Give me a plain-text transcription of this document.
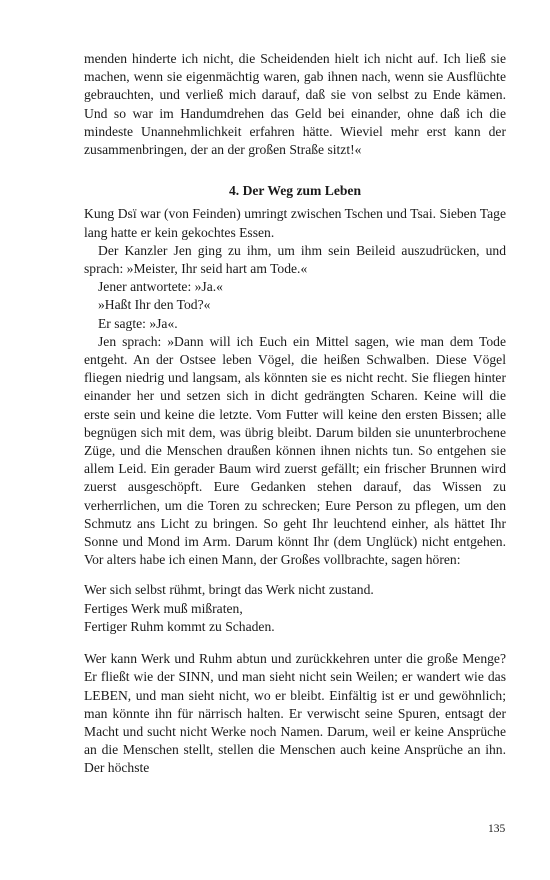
menden hinderte ich nicht, die Scheidenden hielt ich nicht auf. Ich ließ sie machen, wenn sie eigenmächtig waren, gab ihnen nach, wenn sie Ausflüchte gebrauchten, und verließ mich darauf, daß sie von selbst zu Ende kämen. Und so war im Handumdrehen das Geld bei einander, ohne daß ich die mindeste Unannehmlichkeit erfahren hätte. Wieviel mehr erst kann der zusammenbringen, der an der großen Straße sitzt!«

4. Der Weg zum Leben

Kung Dsï war (von Feinden) umringt zwischen Tschen und Tsai. Sieben Tage lang hatte er kein gekochtes Essen.

Der Kanzler Jen ging zu ihm, um ihm sein Beileid auszudrücken, und sprach: »Meister, Ihr seid hart am Tode.«

Jener antwortete: »Ja.«

»Haßt Ihr den Tod?«

Er sagte: »Ja«.

Jen sprach: »Dann will ich Euch ein Mittel sagen, wie man dem Tode entgeht. An der Ostsee leben Vögel, die heißen Schwalben. Diese Vögel fliegen niedrig und langsam, als könnten sie es nicht recht. Sie fliegen hinter einander her und setzen sich in dicht gedrängten Scharen. Keine will die erste sein und keine die letzte. Vom Futter will keine den ersten Bissen; alle begnügen sich mit dem, was übrig bleibt. Darum bilden sie ununterbrochene Züge, und die Menschen draußen können ihnen nichts tun. So entgehen sie allem Leid. Ein gerader Baum wird zuerst gefällt; ein frischer Brunnen wird zuerst ausgeschöpft. Eure Gedanken stehen darauf, das Wissen zu verherrlichen, um die Toren zu schrecken; Eure Person zu pflegen, um den Schmutz ans Licht zu bringen. So geht Ihr leuchtend einher, als hättet Ihr Sonne und Mond im Arm. Darum könnt Ihr (dem Unglück) nicht entgehen. Vor alters habe ich einen Mann, der Großes vollbrachte, sagen hören:

Wer sich selbst rühmt, bringt das Werk nicht zustand.
Fertiges Werk muß mißraten,
Fertiger Ruhm kommt zu Schaden.

Wer kann Werk und Ruhm abtun und zurückkehren unter die große Menge? Er fließt wie der SINN, und man sieht nicht sein Weilen; er wandert wie das LEBEN, und man sieht nicht, wo er bleibt. Einfältig ist er und gewöhnlich; man könnte ihn für närrisch halten. Er verwischt seine Spuren, entsagt der Macht und sucht nicht Werke noch Namen. Darum, weil er keine Ansprüche an die Menschen stellt, stellen die Menschen auch keine Ansprüche an ihn. Der höchste

135
